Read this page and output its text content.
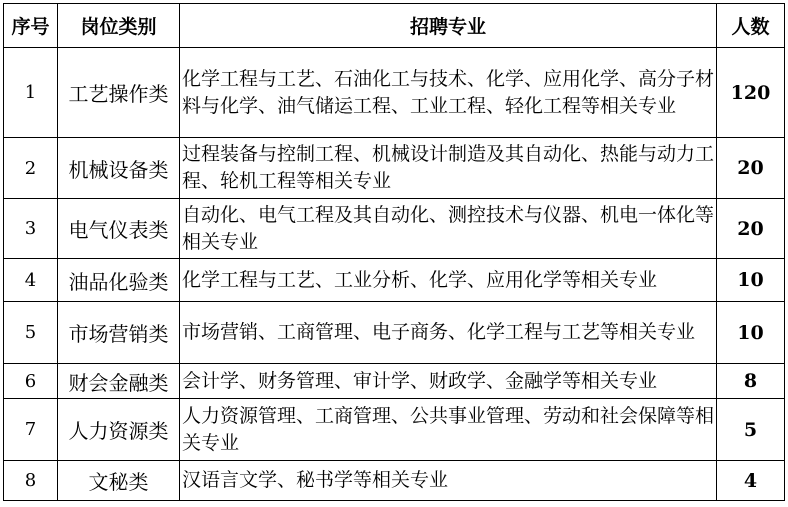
序号	岗位类别	招聘专业	人数
1	工艺操作类	化学工程与工艺、石油化工与技术、化学、应用化学、高分子材料与化学、油气储运工程、工业工程、轻化工程等相关专业	120
2	机械设备类	过程装备与控制工程、机械设计制造及其自动化、热能与动力工程、轮机工程等相关专业	20
3	电气仪表类	自动化、电气工程及其自动化、测控技术与仪器、机电一体化等相关专业	20
4	油品化验类	化学工程与工艺、工业分析、化学、应用化学等相关专业	10
5	市场营销类	市场营销、工商管理、电子商务、化学工程与工艺等相关专业	10
6	财会金融类	会计学、财务管理、审计学、财政学、金融学等相关专业	8
7	人力资源类	人力资源管理、工商管理、公共事业管理、劳动和社会保障等相关专业	5
8	文秘类	汉语言文学、秘书学等相关专业	4
